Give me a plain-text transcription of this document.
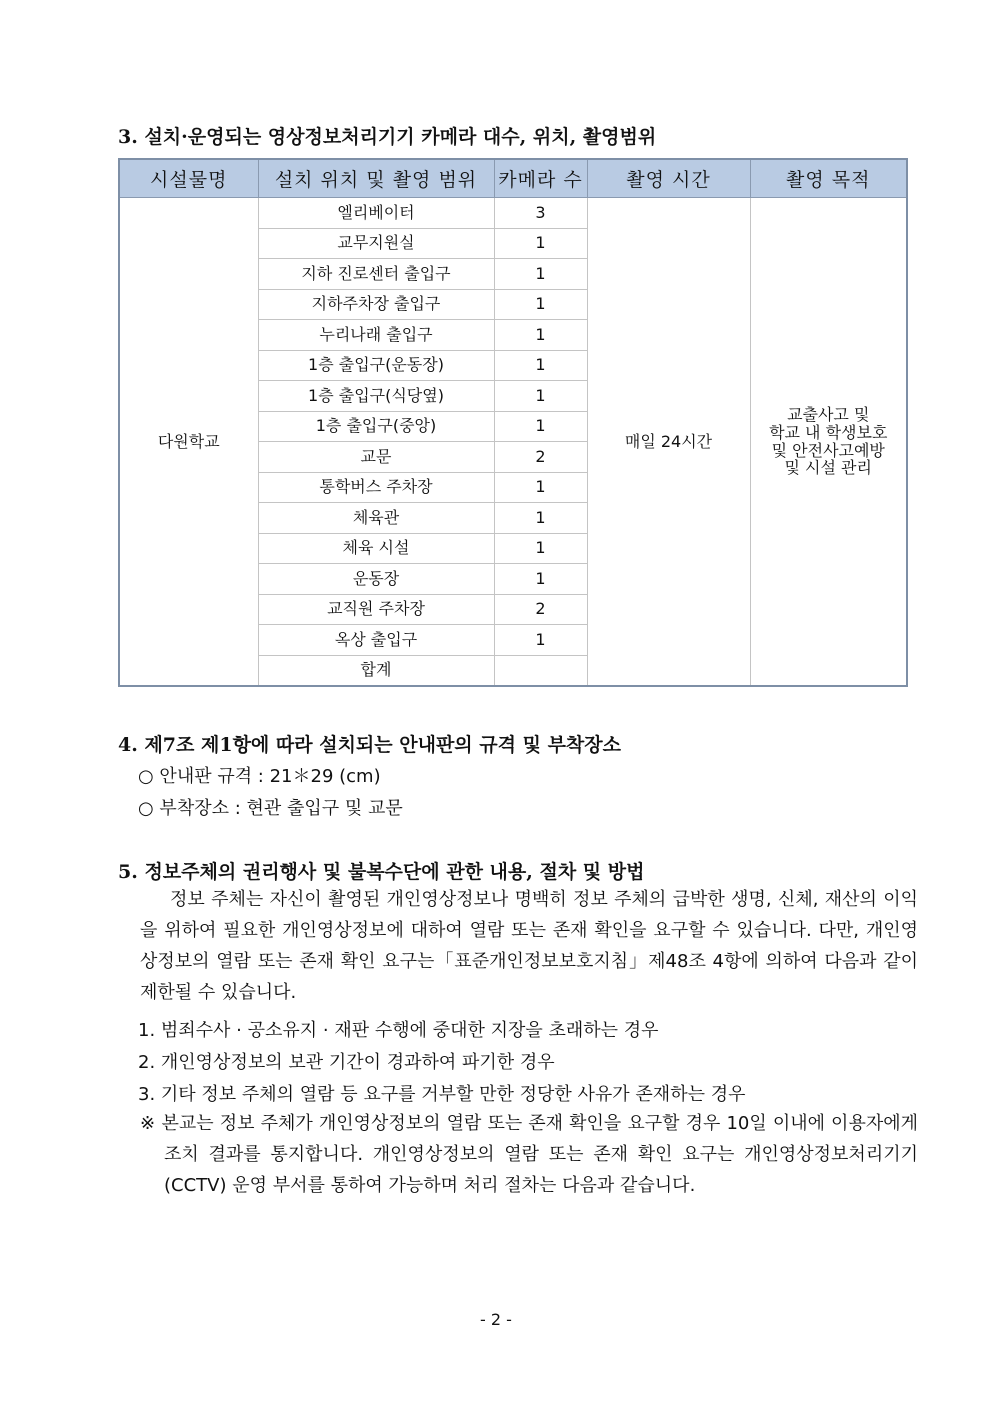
3. 설치·운영되는 영상정보처리기기 카메라 대수, 위치, 촬영범위
시설물명	설치 위치 및 촬영 범위	카메라 수	촬영 시간	촬영 목적
다원학교	엘리베이터	3	매일 24시간	교출사고 및
학교 내 학생보호
및 안전사고예방
및 시설 관리

	교무지원실	1		
	지하 진로센터 출입구	1		
	지하주차장 출입구	1		
	누리나래 출입구	1		
	1층 출입구(운동장)	1		
	1층 출입구(식당옆)	1		
	1층 출입구(중앙)	1		
	교문	2		
	통학버스 주차장	1		
	체육관	1		
	체육 시설	1		
	운동장	1		
	교직원 주차장	2		
	옥상 출입구	1		
	합계			
4. 제7조 제1항에 따라 설치되는 안내판의 규격 및 부착장소

○ 안내판 규격 : 21＊29 (cm)

○ 부착장소 : 현관 출입구 및 교문

5. 정보주체의 권리행사 및 불복수단에 관한 내용, 절차 및 방법

정보 주체는 자신이 촬영된 개인영상정보나 명백히 정보 주체의 급박한 생명, 신체, 재산의 이익을 위하여 필요한 개인영상정보에 대하여 열람 또는 존재 확인을 요구할 수 있습니다. 다만, 개인영상정보의 열람 또는 존재 확인 요구는「표준개인정보보호지침」제48조 4항에 의하여 다음과 같이 제한될 수 있습니다.

1. 범죄수사 · 공소유지 · 재판 수행에 중대한 지장을 초래하는 경우

2. 개인영상정보의 보관 기간이 경과하여 파기한 경우

3. 기타 정보 주체의 열람 등 요구를 거부할 만한 정당한 사유가 존재하는 경우

※ 본교는 정보 주체가 개인영상정보의 열람 또는 존재 확인을 요구할 경우 10일 이내에 이용자에게 조치 결과를 통지합니다. 개인영상정보의 열람 또는 존재 확인 요구는 개인영상정보처리기기(CCTV) 운영 부서를 통하여 가능하며 처리 절차는 다음과 같습니다.

- 2 -
